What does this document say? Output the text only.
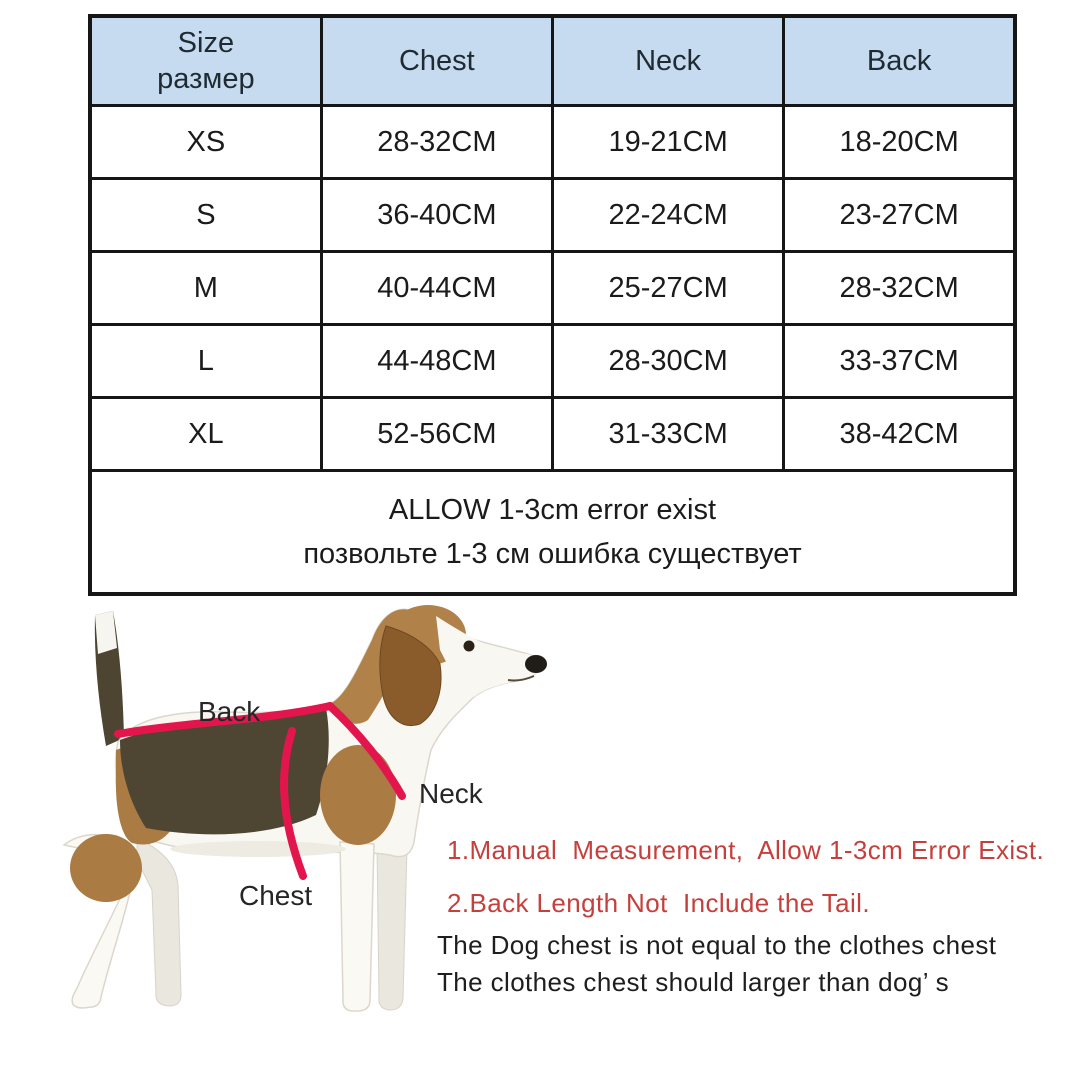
Size
размер	Chest	Neck	Back
XS	28-32CM	19-21CM	18-20CM
S	36-40CM	22-24CM	23-27CM
M	40-44CM	25-27CM	28-32CM
L	44-48CM	28-30CM	33-37CM
XL	52-56CM	31-33CM	38-42CM

ALLOW 1-3cm error exist
позвольте 1-3 см ошибка существует			
Back
Neck
Chest
1.Manual  Measurement,  Allow 1-3cm Error Exist.
2.Back Length Not  Include the Tail.
The Dog chest is not equal to the clothes chest
The clothes chest should larger than dog’ s
